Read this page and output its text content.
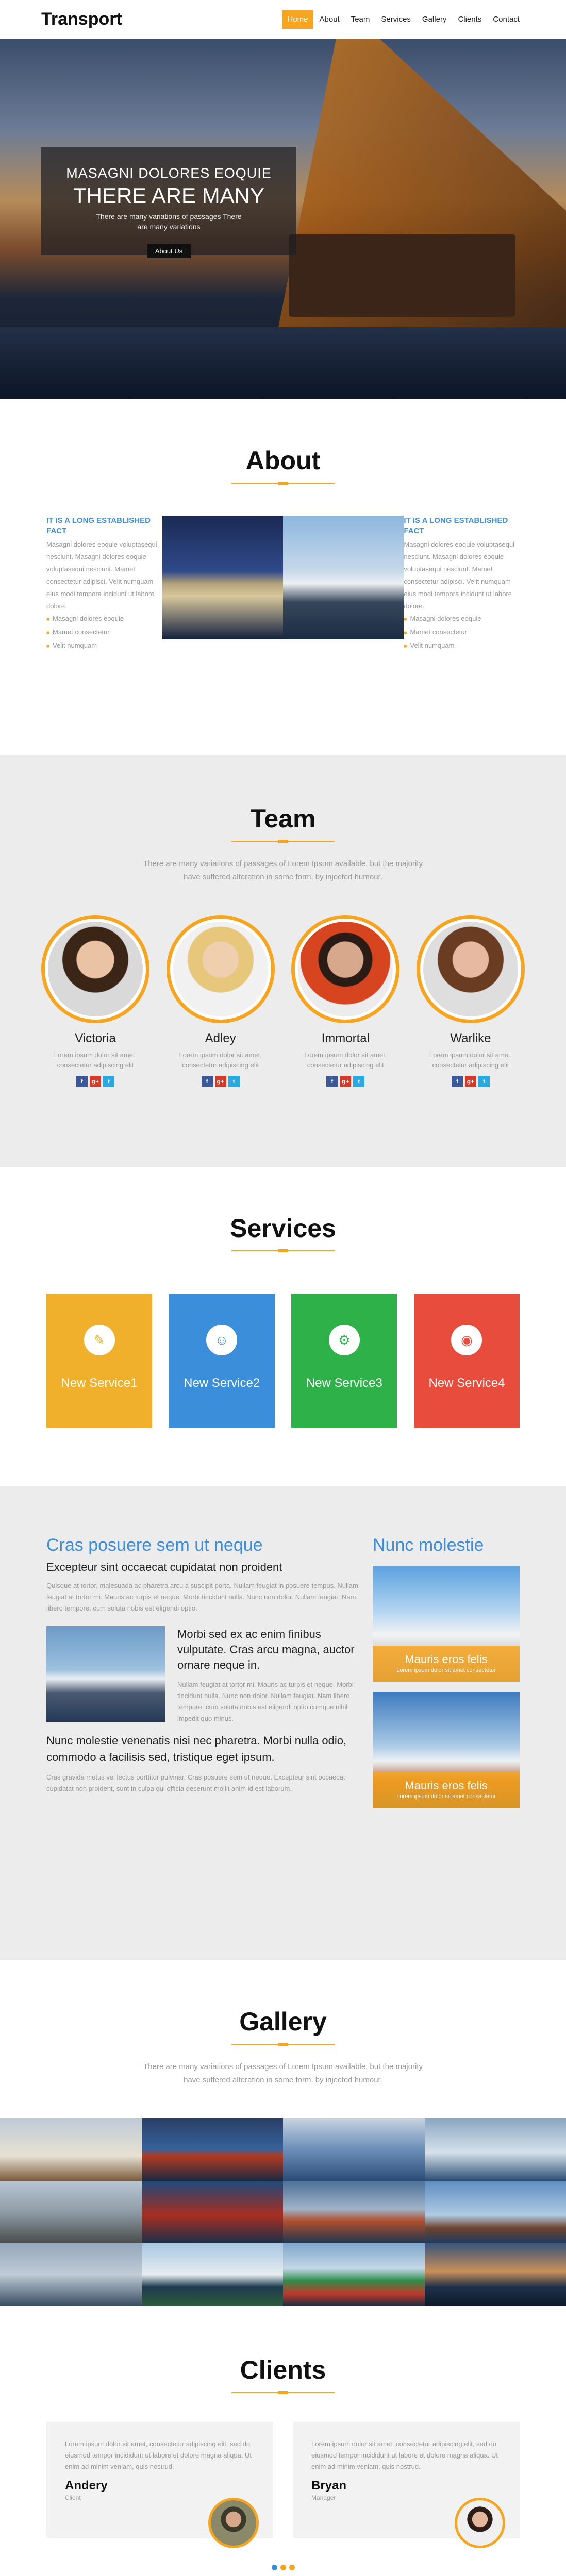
Transport	Home	About	Team	Services	Gallery	Clients	Contact
MASAGNI DOLORES EOQUIE
THERE ARE MANY
There are many variations of passages There are many variations
About Us
About
IT IS A LONG ESTABLISHED FACT
Masagni dolores eoquie voluptasequi nesciunt. Masagni dolores eoquie voluptasequi nesciunt. Mamet consectetur adipisci. Velit numquam eius modi tempora incidunt ut labore dolore.
■ Masagni dolores eoquie
■ Mamet consectetur
■ Velit numquam
IT IS A LONG ESTABLISHED FACT
Masagni dolores eoquie voluptasequi nesciunt. Masagni dolores eoquie voluptasequi nesciunt. Mamet consectetur adipisci. Velit numquam eius modi tempora incidunt ut labore dolore.
■ Masagni dolores eoquie
■ Mamet consectetur
■ Velit numquam
Team
There are many variations of passages of Lorem Ipsum available, but the majority have suffered alteration in some form, by injected humour.
Victoria
Lorem ipsum dolor sit amet, consectetur adipiscing elit
f	g+	t
Adley
Lorem ipsum dolor sit amet, consectetur adipiscing elit
f	g+	t
Immortal
Lorem ipsum dolor sit amet, consectetur adipiscing elit
f	g+	t
Warlike
Lorem ipsum dolor sit amet, consectetur adipiscing elit
f	g+	t
Services
✎
New Service1
☺
New Service2
⚙
New Service3
◉
New Service4
Cras posuere sem ut neque
Excepteur sint occaecat cupidatat non proident

Quisque at tortor, malesuada ac pharetra arcu a suscipit porta. Nullam feugiat in posuere tempus. Nullam feugiat at tortor mi. Mauris ac turpis et neque. Morbi tincidunt nulla. Nunc non dolor. Nullam feugiat. Nam libero tempore, cum soluta nobis est eligendi optio.

Morbi sed ex ac enim finibus vulputate. Cras arcu magna, auctor ornare neque in.

Nullam feugiat at tortor mi. Mauris ac turpis et neque. Morbi tincidunt nulla. Nunc non dolor. Nullam feugiat. Nam libero tempore, cum soluta nobis est eligendi optio cumque nihil impedit quo minus.

Nunc molestie venenatis nisi nec pharetra. Morbi nulla odio, commodo a facilisis sed, tristique eget ipsum.

Cras gravida metus vel lectus porttitor pulvinar. Cras posuere sem ut neque. Excepteur sint occaecat cupidatat non proident, sunt in culpa qui officia deserunt mollit anim id est laborum.

Nunc molestie
Mauris eros felis
Lorem ipsum dolor sit amet consectetur
Mauris eros felis
Lorem ipsum dolor sit amet consectetur
Gallery
There are many variations of passages of Lorem Ipsum available, but the majority have suffered alteration in some form, by injected humour.
Clients
Lorem ipsum dolor sit amet, consectetur adipiscing elit, sed do eiusmod tempor incididunt ut labore et dolore magna aliqua. Ut enim ad minim veniam, quis nostrud.
Andery
Client
Lorem ipsum dolor sit amet, consectetur adipiscing elit, sed do eiusmod tempor incididunt ut labore et dolore magna aliqua. Ut enim ad minim veniam, quis nostrud.
Bryan
Manager
